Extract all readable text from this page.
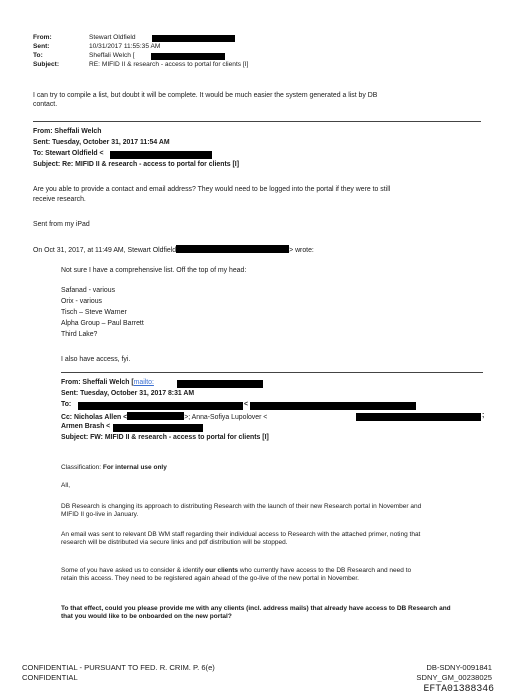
From:	Stewart Oldfield
Sent:	10/31/2017 11:55:35 AM
To:	Sheffali Welch [
Subject:	RE: MIFID II & research - access to portal for clients [I]
I can try to compile a list, but doubt it will be complete. It would be much easier the system generated a list by DB
contact.
From: Sheffali Welch
Sent: Tuesday, October 31, 2017 11:54 AM
To: Stewart Oldfield <
Subject: Re: MIFID II & research - access to portal for clients [I]
Are you able to provide a contact and email address? They would need to be logged into the portal if they were to still
receive research.
Sent from my iPad
On Oct 31, 2017, at 11:49 AM, Stewart Oldfield	> wrote:
Not sure I have a comprehensive list. Off the top of my head:
Safanad - various
Orix - various
Tisch – Steve Warner
Alpha Group – Paul Barrett
Third Lake?
I also have access, fyi.
From: Sheffali Welch [mailto:
Sent: Tuesday, October 31, 2017 8:31 AM
To:	<
Cc: Nicholas Allen <	>; Anna-Sofiya Lupolover <	;
Armen Brash <
Subject: FW: MIFID II & research - access to portal for clients [I]
Classification: For internal use only
All,
DB Research is changing its approach to distributing Research with the launch of their new Research portal in November and MIFID II go-live in January.
An email was sent to relevant DB WM staff regarding their individual access to Research with the attached primer, noting that research will be distributed via secure links and pdf distribution will be stopped.
Some of you have asked us to consider & identify our clients who currently have access to the DB Research and need to retain this access. They need to be registered again ahead of the go-live of the new portal in November.
To that effect, could you please provide me with any clients (incl. address mails) that already have access to DB Research and that you would like to be onboarded on the new portal?
CONFIDENTIAL - PURSUANT TO FED. R. CRIM. P. 6(e)
CONFIDENTIAL
DB-SDNY-0091841
SDNY_GM_00238025
EFTA01388346
